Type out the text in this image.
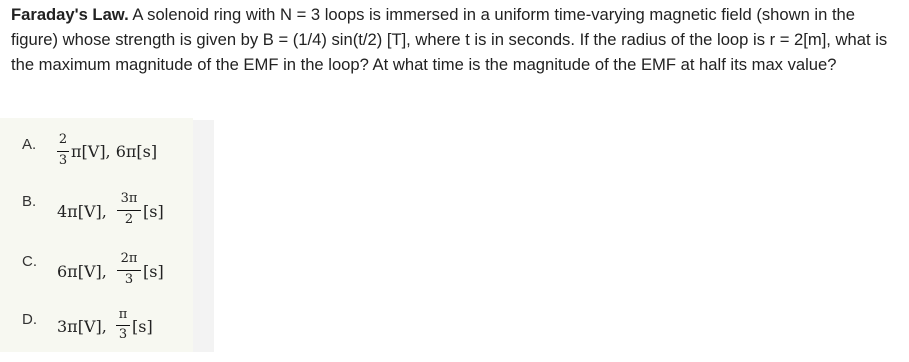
Faraday's Law. A solenoid ring with N = 3 loops is immersed in a uniform time-varying magnetic field (shown in the figure) whose strength is given by B = (1/4) sin(t/2) [T], where t is in seconds. If the radius of the loop is r = 2[m], what is the maximum magnitude of the EMF in the loop? At what time is the magnitude of the EMF at half its max value?
A. 2
3 π[V], 6π[s]
B.
4π[V],
3π
2 [s]
C.
6π[V],
2π
3 [s]
D. 3π[V],
π
3 [s]
